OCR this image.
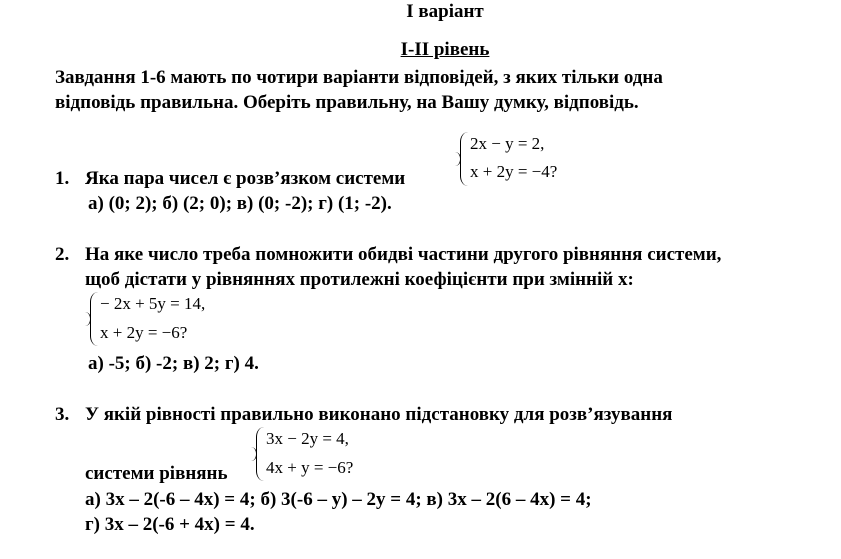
І варіант
І-ІІ рівень
Завдання 1-6 мають по чотири варіанти відповідей, з яких тільки одна
відповідь правильна. Оберіть правильну, на Вашу думку, відповідь.
1. Яка пара чисел є розв’язком системи
2x − y = 2,
x + 2y = −4?
а) (0; 2); б) (2; 0); в) (0; -2); г) (1; -2).
2. На яке число треба помножити обидві частини другого рівняння системи,
щоб дістати у рівняннях протилежні коефіцієнти при змінній x:
− 2x + 5y = 14,
x + 2y = −6?
а) -5; б) -2; в) 2; г) 4.
3. У якій рівності правильно виконано підстановку для розв’язування
3x − 2y = 4,
4x + y = −6?
системи рівнянь
а) 3x – 2(-6 – 4x) = 4; б) 3(-6 – y) – 2y = 4; в) 3x – 2(6 – 4x) = 4;
г) 3x – 2(-6 + 4x) = 4.
